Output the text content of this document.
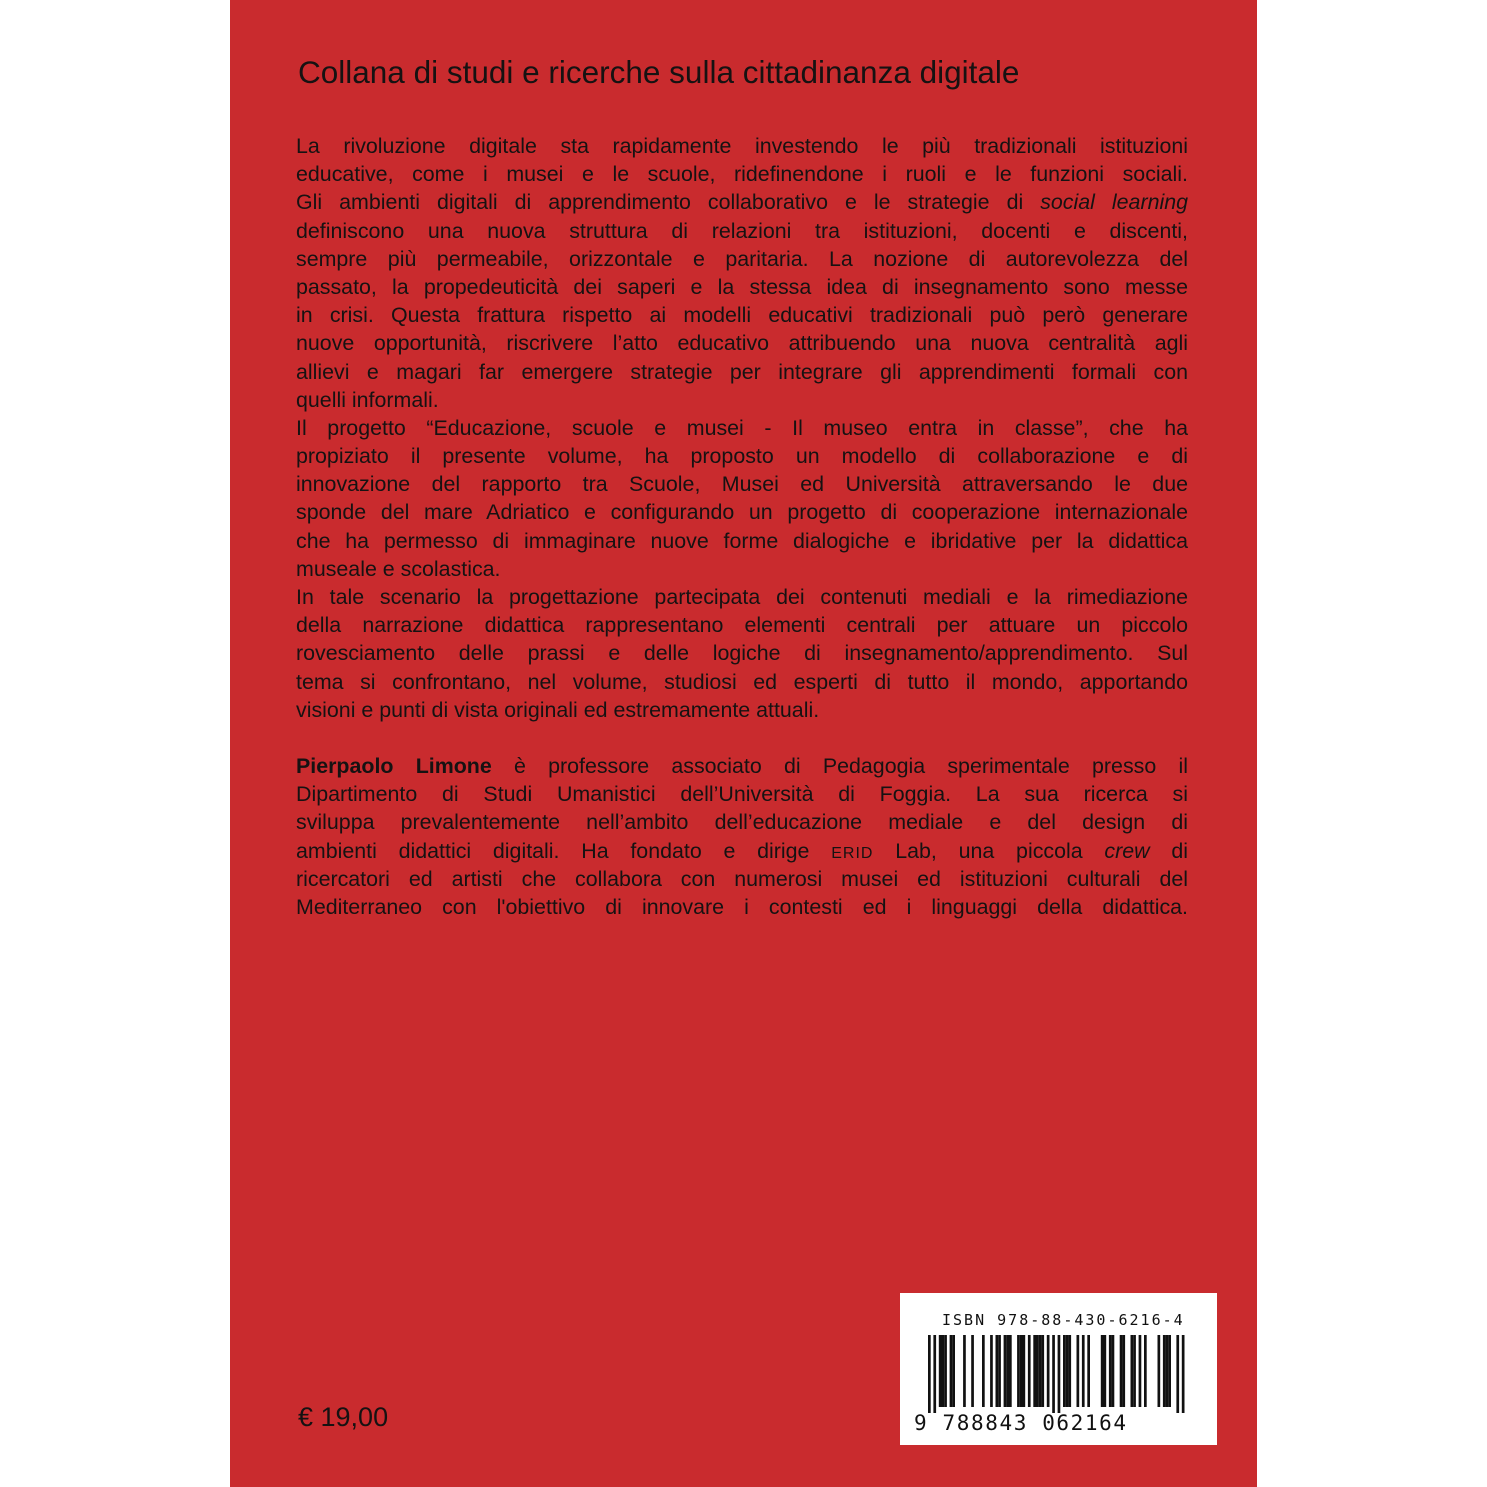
Collana di studi e ricerche sulla cittadinanza digitale
La rivoluzione digitale sta rapidamente investendo le più tradizionali istituzioni
educative, come i musei e le scuole, ridefinendone i ruoli e le funzioni sociali.
Gli ambienti digitali di apprendimento collaborativo e le strategie di social learning
definiscono una nuova struttura di relazioni tra istituzioni, docenti e discenti,
sempre più permeabile, orizzontale e paritaria. La nozione di autorevolezza del
passato, la propedeuticità dei saperi e la stessa idea di insegnamento sono messe
in crisi. Questa frattura rispetto ai modelli educativi tradizionali può però generare
nuove opportunità, riscrivere l’atto educativo attribuendo una nuova centralità agli
allievi e magari far emergere strategie per integrare gli apprendimenti formali con
quelli informali.
Il progetto “Educazione, scuole e musei - Il museo entra in classe”, che ha
propiziato il presente volume, ha proposto un modello di collaborazione e di
innovazione del rapporto tra Scuole, Musei ed Università attraversando le due
sponde del mare Adriatico e configurando un progetto di cooperazione internazionale
che ha permesso di immaginare nuove forme dialogiche e ibridative per la didattica
museale e scolastica.
In tale scenario la progettazione partecipata dei contenuti mediali e la rimediazione
della narrazione didattica rappresentano elementi centrali per attuare un piccolo
rovesciamento delle prassi e delle logiche di insegnamento/apprendimento. Sul
tema si confrontano, nel volume, studiosi ed esperti di tutto il mondo, apportando
visioni e punti di vista originali ed estremamente attuali.
Pierpaolo Limone è professore associato di Pedagogia sperimentale presso il
Dipartimento di Studi Umanistici dell’Università di Foggia. La sua ricerca si
sviluppa prevalentemente nell’ambito dell’educazione mediale e del design di
ambienti didattici digitali. Ha fondato e dirige ERID Lab, una piccola crew di
ricercatori ed artisti che collabora con numerosi musei ed istituzioni culturali del
Mediterraneo con l'obiettivo di innovare i contesti ed i linguaggi della didattica.
€ 19,00
ISBN 978-88-430-6216-4
9 788843 062164
